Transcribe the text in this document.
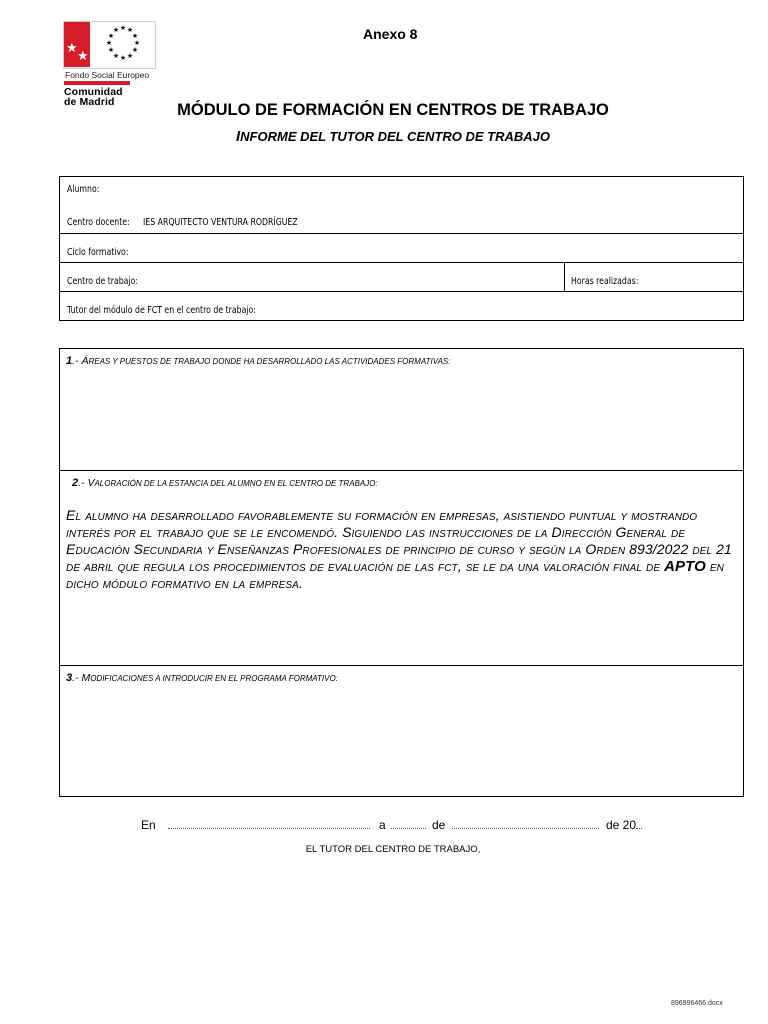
★
★
★ ★
★
★
★
★
★
★
★
★
★
★
Fondo Social Europeo
Comunidad
de Madrid
Anexo 8
MÓDULO DE FORMACIÓN EN CENTROS DE TRABAJO
INFORME DEL TUTOR DEL CENTRO DE TRABAJO
Alumno:
Centro docente: IES ARQUITECTO VENTURA RODRÍGUEZ
Ciclo formativo:
Centro de trabajo:	Horas realizadas:
Tutor del módulo de FCT en el centro de trabajo:
1.- ÁREAS Y PUESTOS DE TRABAJO DONDE HA DESARROLLADO LAS ACTIVIDADES FORMATIVAS:
2.- VALORACIÓN DE LA ESTANCIA DEL ALUMNO EN EL CENTRO DE TRABAJO:
El alumno ha desarrollado favorablemente su formación en empresas, asistiendo puntual y mostrando interés por el trabajo que se le encomendó. Siguiendo las instrucciones de la Dirección General de Educación Secundaria y Enseñanzas Profesionales de principio de curso y según la Orden 893/2022 del 21 de abril que regula los procedimientos de evaluación de las fct, se le da una valoración final de APTO en dicho módulo formativo en la empresa.
3.- MODIFICACIONES A INTRODUCIR EN EL PROGRAMA FORMATIVO:
En	a	de	de 20
EL TUTOR DEL CENTRO DE TRABAJO,
896996466.docx
